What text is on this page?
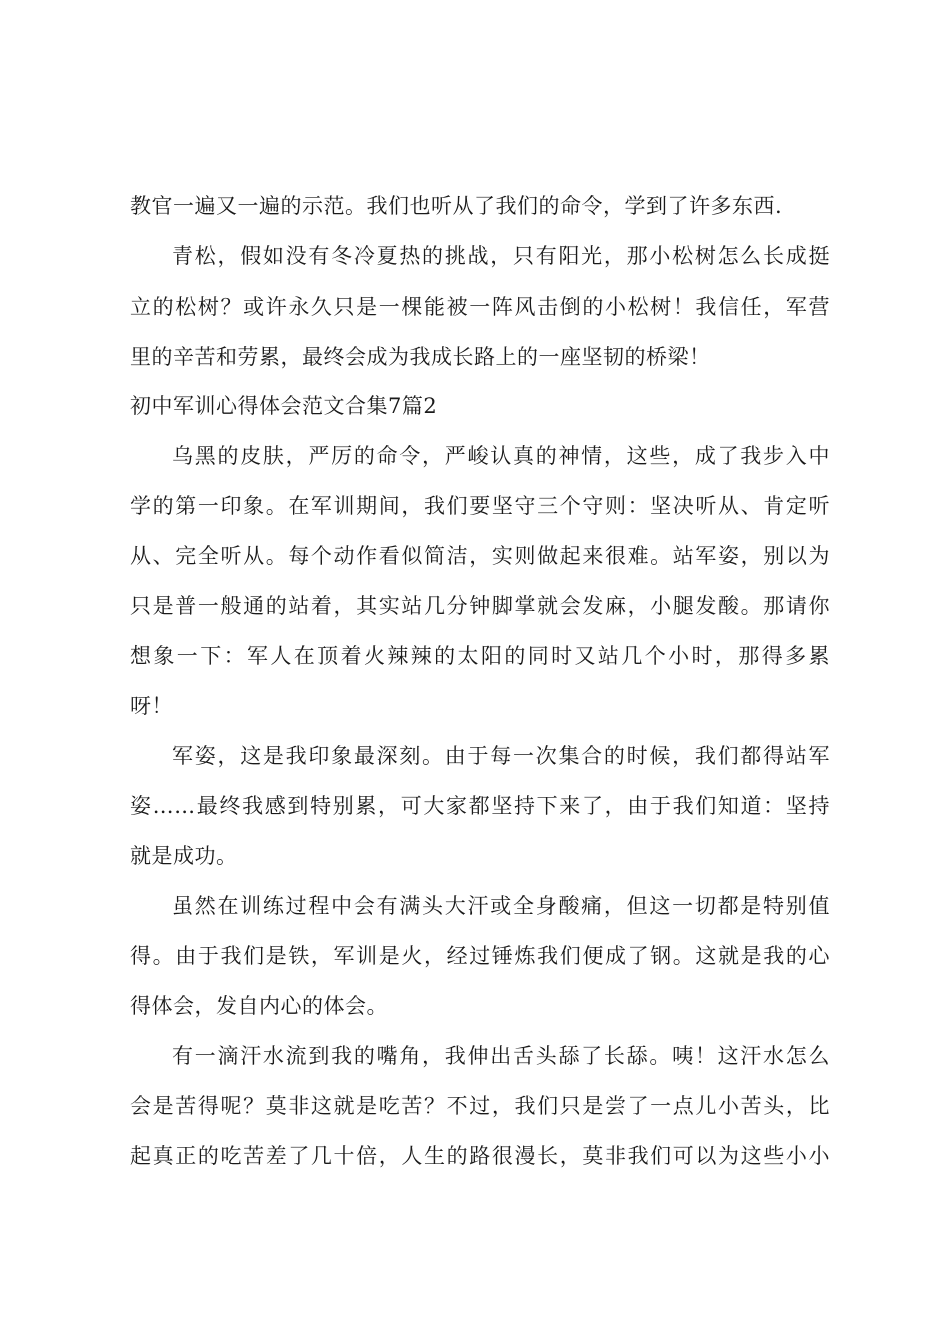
教官一遍又一遍的示范。我们也听从了我们的命令，学到了许多东西.
青松，假如没有冬冷夏热的挑战，只有阳光，那小松树怎么长成挺
立的松树？或许永久只是一棵能被一阵风击倒的小松树！我信任，军营
里的辛苦和劳累，最终会成为我成长路上的一座坚韧的桥梁！
初中军训心得体会范文合集7篇2
乌黑的皮肤，严厉的命令，严峻认真的神情，这些，成了我步入中
学的第一印象。在军训期间，我们要坚守三个守则：坚决听从、肯定听
从、完全听从。每个动作看似简洁，实则做起来很难。站军姿，别以为
只是普一般通的站着，其实站几分钟脚掌就会发麻，小腿发酸。那请你
想象一下：军人在顶着火辣辣的太阳的同时又站几个小时，那得多累
呀！
军姿，这是我印象最深刻。由于每一次集合的时候，我们都得站军
姿……最终我感到特别累，可大家都坚持下来了，由于我们知道：坚持
就是成功。
虽然在训练过程中会有满头大汗或全身酸痛，但这一切都是特别值
得。由于我们是铁，军训是火，经过锤炼我们便成了钢。这就是我的心
得体会，发自内心的体会。
有一滴汗水流到我的嘴角，我伸出舌头舔了长舔。咦！这汗水怎么
会是苦得呢？莫非这就是吃苦？不过，我们只是尝了一点儿小苦头，比
起真正的吃苦差了几十倍，人生的路很漫长，莫非我们可以为这些小小
